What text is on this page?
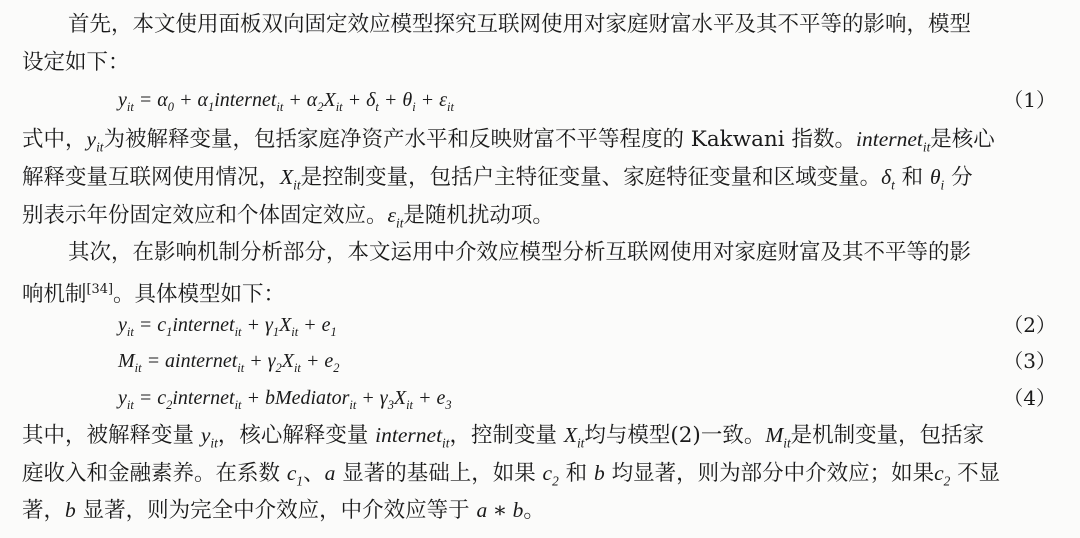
首先，本文使用面板双向固定效应模型探究互联网使用对家庭财富水平及其不平等的影响，模型
设定如下：
$y_{it} = \alpha_0$ + $\alpha_1internet_{it} + \alpha_2X_{it} + \delta_t + \theta_i + \varepsilon_{it}$	（1）
式中，$y_{it}$为被解释变量，包括家庭净资产水平和反映财富不平等程度的 Kakwani 指数。internet$_{it}$是核心
解释变量互联网使用情况，$X_{it}$是控制变量，包括户主特征变量、家庭特征变量和区域变量。$\delta_t$ 和 $\theta_i$ 分
别表示年份固定效应和个体固定效应。$\varepsilon_{it}$是随机扰动项。
其次，在影响机制分析部分，本文运用中介效应模型分析互联网使用对家庭财富及其不平等的影
响机制[34]。具体模型如下：
$y_{it}$ = $c_1internet_{it} + \gamma_1X_{it} + e_1$	（2）
$M_{it}$ = ainternet$_{it}$ + $\gamma_2X_{it} + e_2$	（3）
$y_{it}$ = $c_2internet_{it}$ + bMediator$_{it}$ + $\gamma_3X_{it} + e_3$	（4）
其中，被解释变量 $y_{it}$，核心解释变量 internet$_{it}$，控制变量 $X_{it}$均与模型(2)一致。$M_{it}$是机制变量，包括家
庭收入和金融素养。在系数 $c_1$、a 显著的基础上，如果 $c_2$ 和 b 均显著，则为部分中介效应；如果$c_2$ 不显
著，b 显著，则为完全中介效应，中介效应等于 a ∗ b。
